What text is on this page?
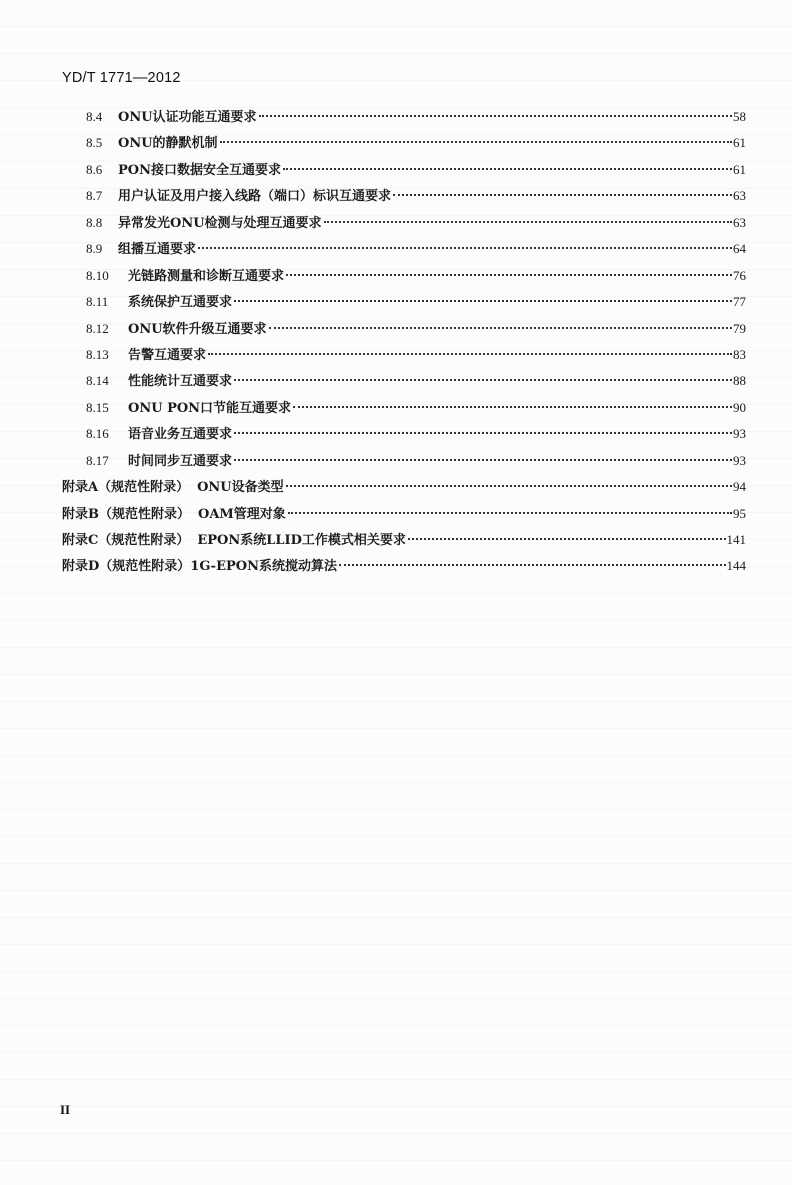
YD/T 1771—2012
8.4	ONU认证功能互通要求	58
8.5	ONU的静默机制	61
8.6	PON接口数据安全互通要求	61
8.7	用户认证及用户接入线路（端口）标识互通要求	63
8.8	异常发光ONU检测与处理互通要求	63
8.9	组播互通要求	64
8.10	光链路测量和诊断互通要求	76
8.11	系统保护互通要求	77
8.12	ONU软件升级互通要求	79
8.13	告警互通要求	83
8.14	性能统计互通要求	88
8.15	ONU PON口节能互通要求	90
8.16	语音业务互通要求	93
8.17	时间同步互通要求	93
附录A（规范性附录） ONU设备类型	94
附录B（规范性附录） OAM管理对象	95
附录C（规范性附录） EPON系统LLID工作模式相关要求	141
附录D（规范性附录） 1G-EPON系统搅动算法	144
II
